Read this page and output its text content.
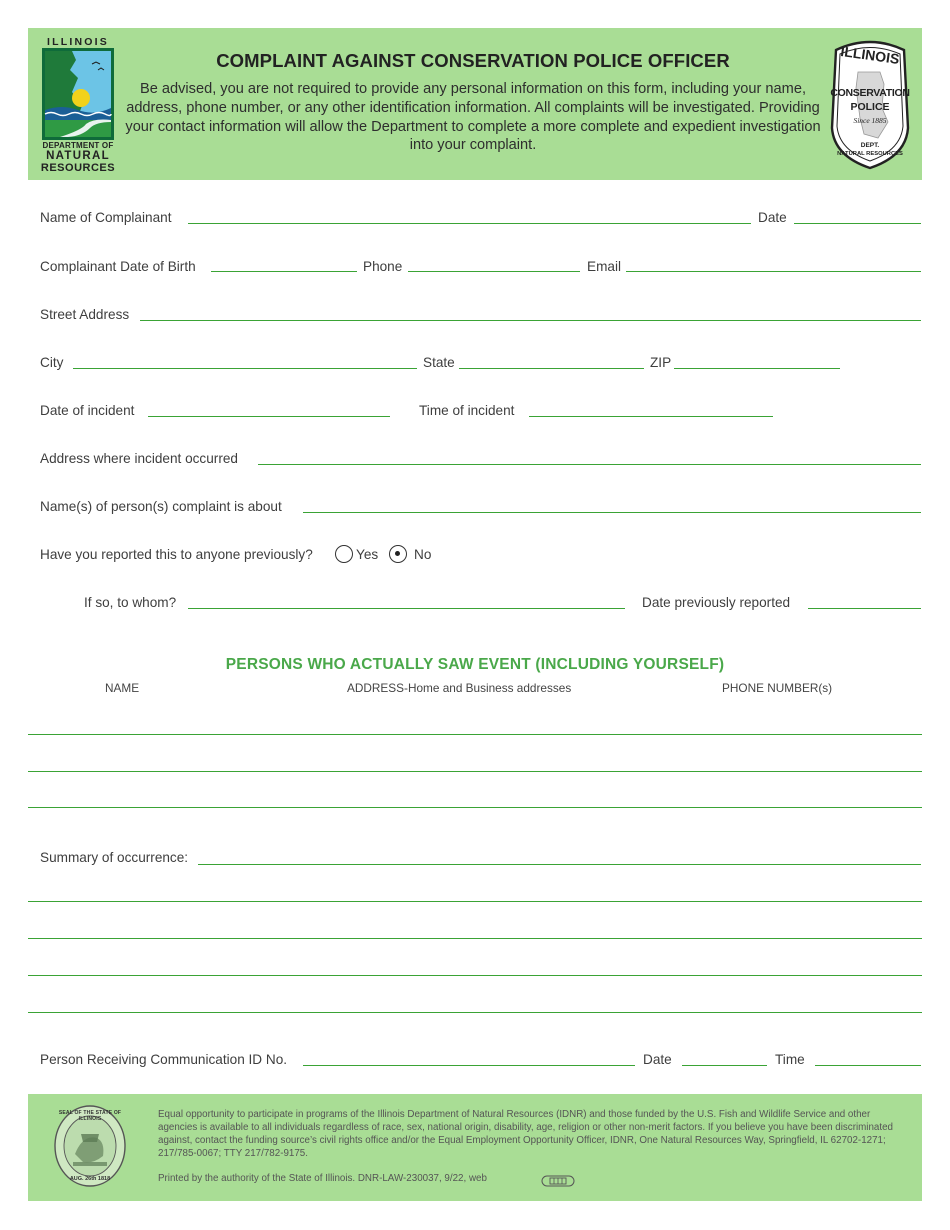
ILLINOIS
DEPARTMENT OF
NATURAL
RESOURCES
COMPLAINT AGAINST CONSERVATION POLICE OFFICER
Be advised, you are not required to provide any personal information on this form, including your name, address, phone number, or any other identification information. All complaints will be investigated. Providing your contact information will allow the Department to complete a more complete and expedient investigation into your complaint.
ILLINOIS
CONSERVATION
POLICE
Since 1885
DEPT.
NATURAL RESOURCES
Name of Complainant	Date
Complainant Date of Birth	Phone	Email
Street Address
City	State	ZIP
Date of incident	Time of incident
Address where incident occurred
Name(s) of person(s) complaint is about
Have you reported this to anyone previously?	Yes	No
If so, to whom?	Date previously reported
PERSONS WHO ACTUALLY SAW EVENT (INCLUDING YOURSELF)
NAME	ADDRESS-Home and Business addresses	PHONE NUMBER(s)
Summary of occurrence:
Person Receiving Communication ID No.	Date	Time
SEAL OF THE STATE OF ILLINOIS
AUG. 26th 1818
Equal opportunity to participate in programs of the Illinois Department of Natural Resources (IDNR) and those funded by the U.S. Fish and Wildlife Service and other agencies is available to all individuals regardless of race, sex, national origin, disability, age, religion or other non-merit factors. If you believe you have been discriminated against, contact the funding source’s civil rights office and/or the Equal Employment Opportunity Officer, IDNR, One Natural Resources Way, Springfield, IL 62702-1271; 217/785-0067; TTY 217/782-9175.
Printed by the authority of the State of Illinois. DNR-LAW-230037, 9/22, web
